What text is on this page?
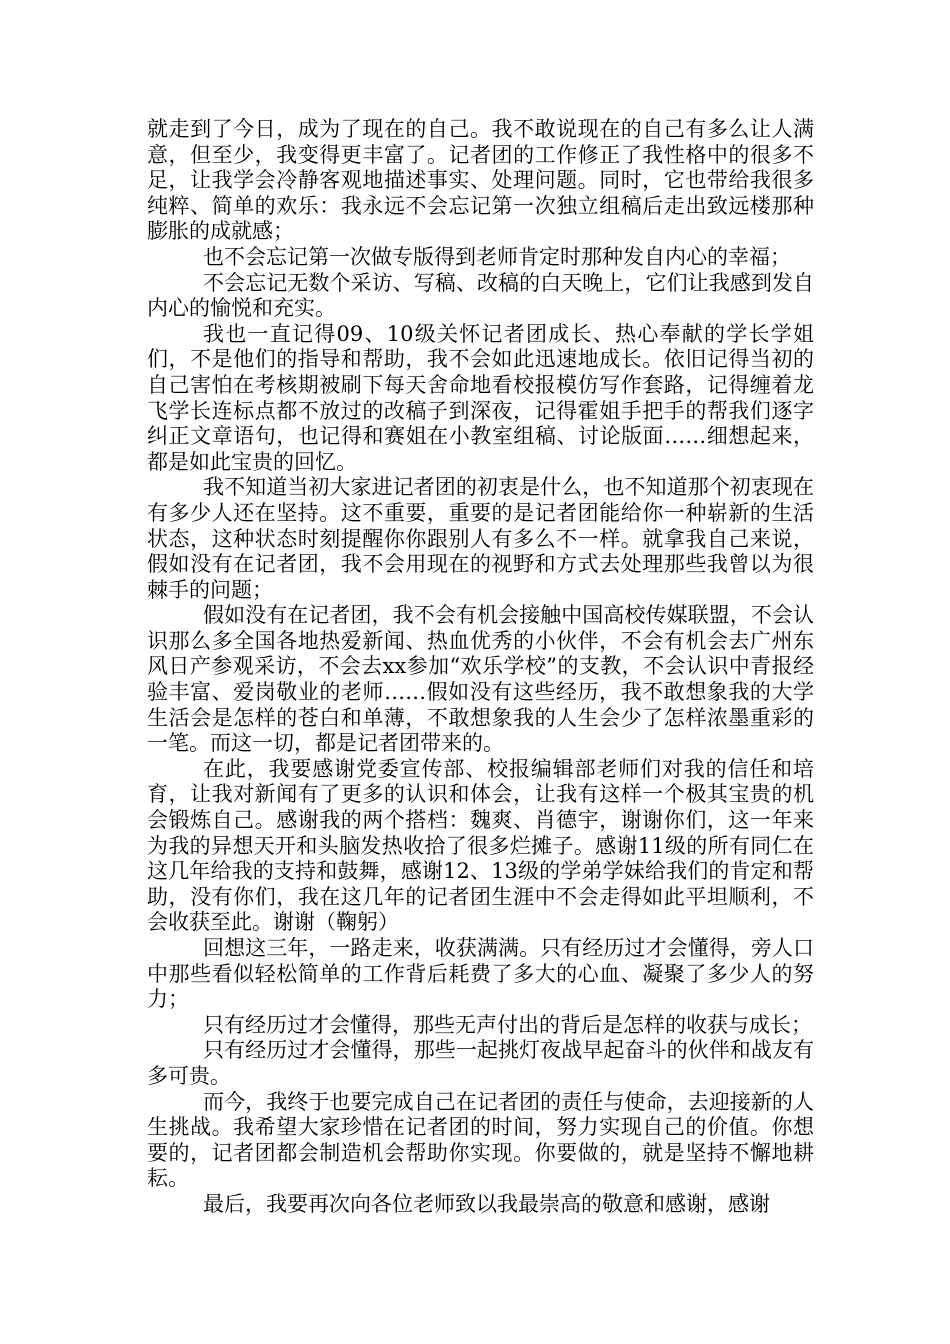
就走到了今日，成为了现在的自己。我不敢说现在的自己有多么让人满意，但至少，我变得更丰富了。记者团的工作修正了我性格中的很多不足，让我学会冷静客观地描述事实、处理问题。同时，它也带给我很多纯粹、简单的欢乐：我永远不会忘记第一次独立组稿后走出致远楼那种膨胀的成就感；

也不会忘记第一次做专版得到老师肯定时那种发自内心的幸福；

不会忘记无数个采访、写稿、改稿的白天晚上，它们让我感到发自内心的愉悦和充实。

我也一直记得09、10级关怀记者团成长、热心奉献的学长学姐们，不是他们的指导和帮助，我不会如此迅速地成长。依旧记得当初的自己害怕在考核期被刷下每天舍命地看校报模仿写作套路，记得缠着龙飞学长连标点都不放过的改稿子到深夜，记得霍姐手把手的帮我们逐字纠正文章语句，也记得和赛姐在小教室组稿、讨论版面……细想起来，都是如此宝贵的回忆。

我不知道当初大家进记者团的初衷是什么，也不知道那个初衷现在有多少人还在坚持。这不重要，重要的是记者团能给你一种崭新的生活状态，这种状态时刻提醒你你跟别人有多么不一样。就拿我自己来说，假如没有在记者团，我不会用现在的视野和方式去处理那些我曾以为很棘手的问题；

假如没有在记者团，我不会有机会接触中国高校传媒联盟，不会认识那么多全国各地热爱新闻、热血优秀的小伙伴，不会有机会去广州东风日产参观采访，不会去xx参加“欢乐学校”的支教，不会认识中青报经验丰富、爱岗敬业的老师……假如没有这些经历，我不敢想象我的大学生活会是怎样的苍白和单薄，不敢想象我的人生会少了怎样浓墨重彩的一笔。而这一切，都是记者团带来的。

在此，我要感谢党委宣传部、校报编辑部老师们对我的信任和培育，让我对新闻有了更多的认识和体会，让我有这样一个极其宝贵的机会锻炼自己。感谢我的两个搭档：魏爽、肖德宇，谢谢你们，这一年来为我的异想天开和头脑发热收拾了很多烂摊子。感谢11级的所有同仁在这几年给我的支持和鼓舞，感谢12、13级的学弟学妹给我们的肯定和帮助，没有你们，我在这几年的记者团生涯中不会走得如此平坦顺利，不会收获至此。谢谢（鞠躬）

回想这三年，一路走来，收获满满。只有经历过才会懂得，旁人口中那些看似轻松简单的工作背后耗费了多大的心血、凝聚了多少人的努力；

只有经历过才会懂得，那些无声付出的背后是怎样的收获与成长；

只有经历过才会懂得，那些一起挑灯夜战早起奋斗的伙伴和战友有多可贵。

而今，我终于也要完成自己在记者团的责任与使命，去迎接新的人生挑战。我希望大家珍惜在记者团的时间，努力实现自己的价值。你想要的，记者团都会制造机会帮助你实现。你要做的，就是坚持不懈地耕耘。

最后，我要再次向各位老师致以我最崇高的敬意和感谢，感谢
